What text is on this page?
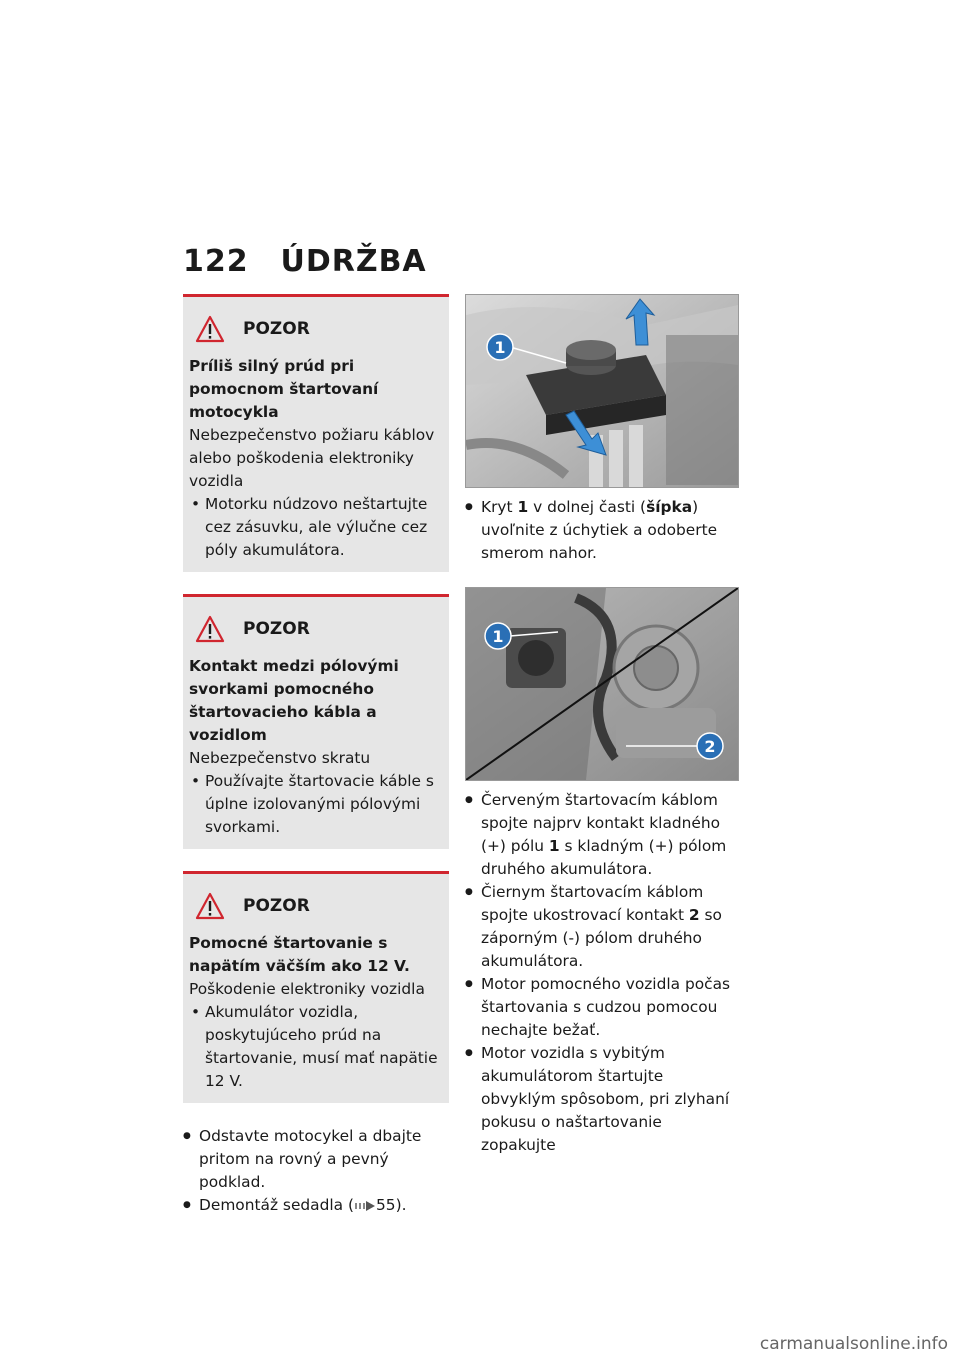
122 ÚDRŽBA
POZOR
Príliš silný prúd pri pomocnom štartovaní motocykla
Nebezpečenstvo požiaru káblov alebo poškodenia elektroniky vozidla
• Motorku núdzovo neštartujte cez zásuvku, ale výlučne cez póly akumulátora.
POZOR
Kontakt medzi pólovými svorkami pomocného štartovacieho kábla a vozidlom
Nebezpečenstvo skratu
• Používajte štartovacie káble s úplne izolovanými pólovými svorkami.
POZOR
Pomocné štartovanie s napätím väčším ako 12 V.
Poškodenie elektroniky vozidla
• Akumulátor vozidla, poskytujúceho prúd na štartovanie, musí mať napätie 12 V.
● Odstavte motocykel a dbajte pritom na rovný a pevný podklad.
● Demontáž sedadla ( 55).
1
● Kryt 1 v dolnej časti (šípka) uvoľnite z úchytiek a odoberte smerom nahor.
1
2
● Červeným štartovacím káblom spojte najprv kontakt kladného (+) pólu 1 s kladným (+) pólom druhého akumulátora.
● Čiernym štartovacím káblom spojte ukostrovací kontakt 2 so záporným (-) pólom druhého akumulátora.
● Motor pomocného vozidla počas štartovania s cudzou pomocou nechajte bežať.
● Motor vozidla s vybitým akumulátorom štartujte obvyklým spôsobom, pri zlyhaní pokusu o naštartovanie zopakujte
carmanualsonline.info
